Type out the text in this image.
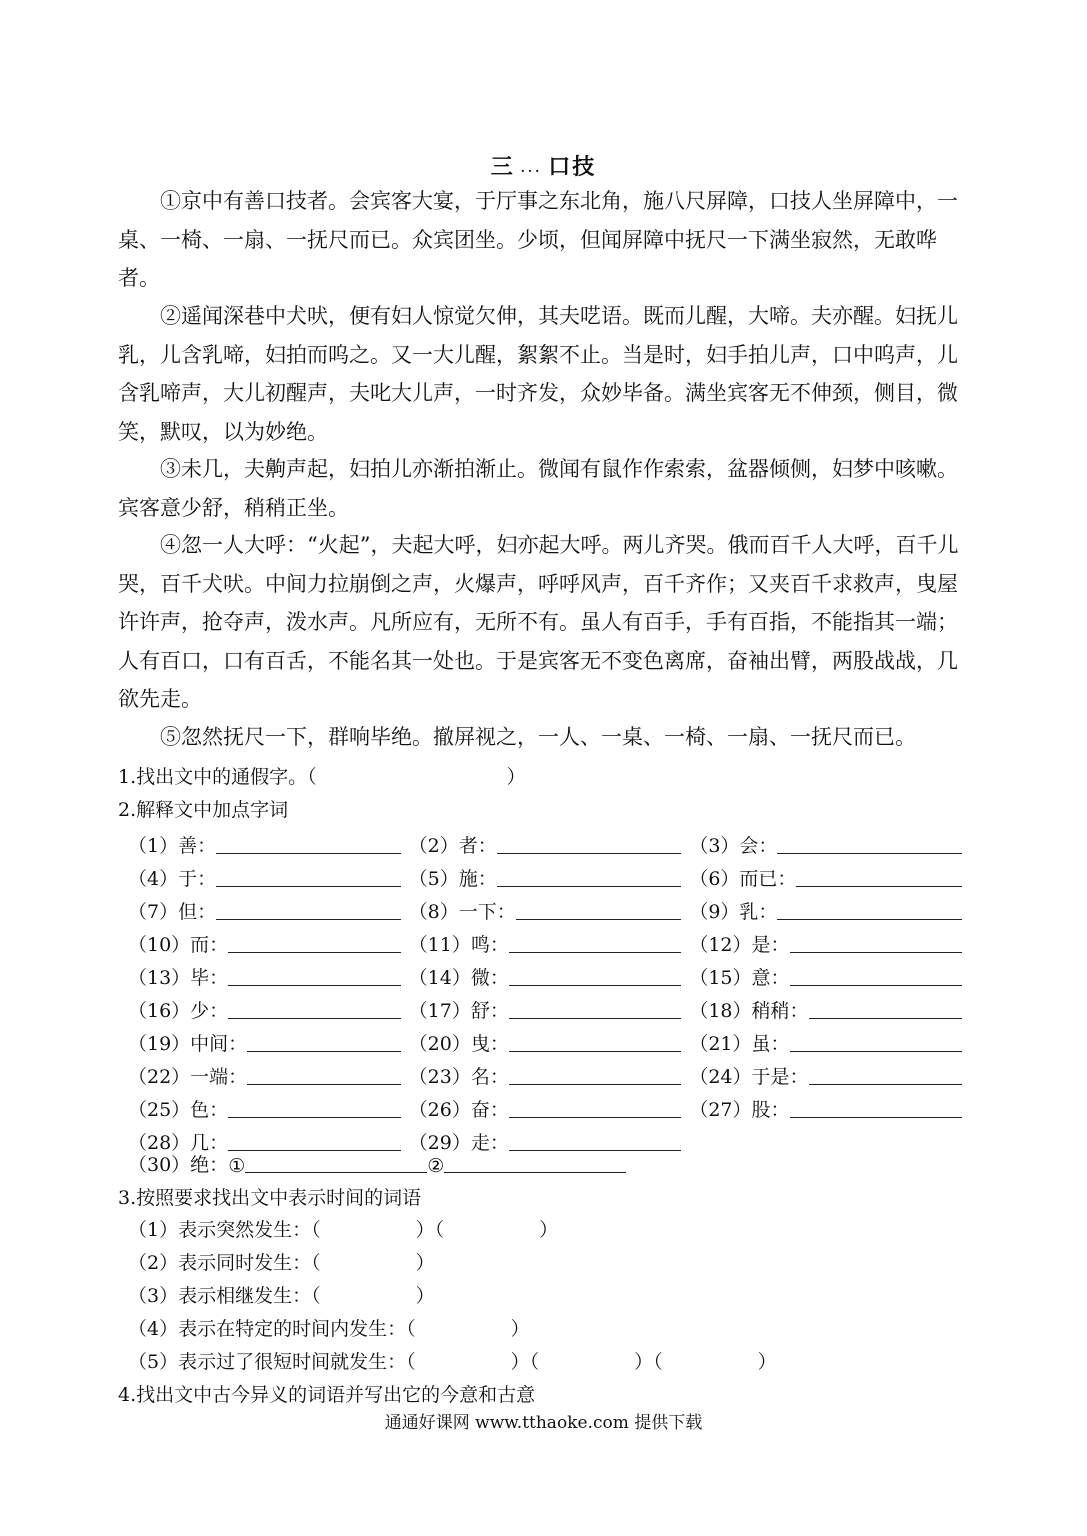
三 ... 口技

①京中有善口技者。会宾客大宴，于厅事之东北角，施八尺屏障，口技人坐屏障中，一桌、一椅、一扇、一抚尺而已。众宾团坐。少顷，但闻屏障中抚尺一下满坐寂然，无敢哗者。

②遥闻深巷中犬吠，便有妇人惊觉欠伸，其夫呓语。既而儿醒，大啼。夫亦醒。妇抚儿乳，儿含乳啼，妇拍而呜之。又一大儿醒，絮絮不止。当是时，妇手拍儿声，口中呜声，儿含乳啼声，大儿初醒声，夫叱大儿声，一时齐发，众妙毕备。满坐宾客无不伸颈，侧目，微笑，默叹，以为妙绝。

③未几，夫齁声起，妇拍儿亦渐拍渐止。微闻有鼠作作索索，盆器倾侧，妇梦中咳嗽。宾客意少舒，稍稍正坐。

④忽一人大呼：“火起”，夫起大呼，妇亦起大呼。两儿齐哭。俄而百千人大呼，百千儿哭，百千犬吠。中间力拉崩倒之声，火爆声，呼呼风声，百千齐作；又夹百千求救声，曳屋许许声，抢夺声，泼水声。凡所应有，无所不有。虽人有百手，手有百指，不能指其一端；人有百口，口有百舌，不能名其一处也。于是宾客无不变色离席，奋袖出臂，两股战战，几欲先走。

⑤忽然抚尺一下，群响毕绝。撤屏视之，一人、一桌、一椅、一扇、一抚尺而已。

1.找出文中的通假字。（　　　　　　　　　　）
2.解释文中加点字词
（1）善：	（2）者：	（3）会：
（4）于：	（5）施：	（6）而已：
（7）但：	（8）一下：	（9）乳：
（10）而：	（11）鸣：	（12）是：
（13）毕：	（14）微：	（15）意：
（16）少：	（17）舒：	（18）稍稍：
（19）中间：	（20）曳：	（21）虽：
（22）一端：	（23）名：	（24）于是：
（25）色：	（26）奋：	（27）股：
（28）几：	（29）走：
（30）绝： ①	②
3.按照要求找出文中表示时间的词语
（1）表示突然发生：（　　　　　）（　　　　　）
（2）表示同时发生：（　　　　　）
（3）表示相继发生：（　　　　　）
（4）表示在特定的时间内发生：（　　　　　）
（5）表示过了很短时间就发生：（　　　　　）（　　　　　）（　　　　　）
4.找出文中古今异义的词语并写出它的今意和古意
通通好课网 www.tthaoke.com 提供下载
